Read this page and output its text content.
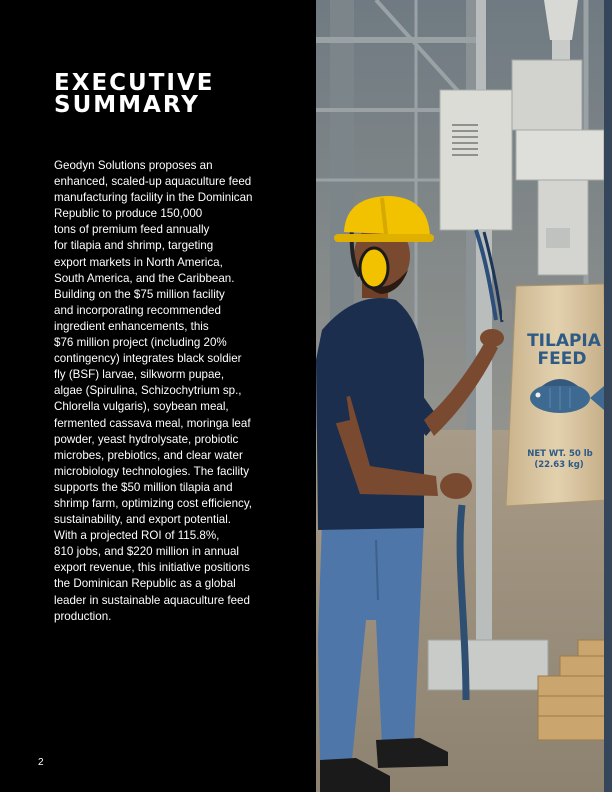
EXECUTIVE
SUMMARY
Geodyn Solutions proposes an
enhanced, scaled-up aquaculture feed
manufacturing facility in the Dominican
Republic to produce 150,000
tons of premium feed annually
for tilapia and shrimp, targeting
export markets in North America,
South America, and the Caribbean.
Building on the $75 million facility
and incorporating recommended
ingredient enhancements, this
$76 million project (including 20%
contingency) integrates black soldier
fly (BSF) larvae, silkworm pupae,
algae (Spirulina, Schizochytrium sp.,
Chlorella vulgaris), soybean meal,
fermented cassava meal, moringa leaf
powder, yeast hydrolysate, probiotic
microbes, prebiotics, and clear water
microbiology technologies. The facility
supports the $50 million tilapia and
shrimp farm, optimizing cost efficiency,
sustainability, and export potential.
With a projected ROI of 115.8%,
810 jobs, and $220 million in annual
export revenue, this initiative positions
the Dominican Republic as a global
leader in sustainable aquaculture feed
production.
2
TILAPIA
FEED
NET WT. 50 lb
(22.63 kg)
